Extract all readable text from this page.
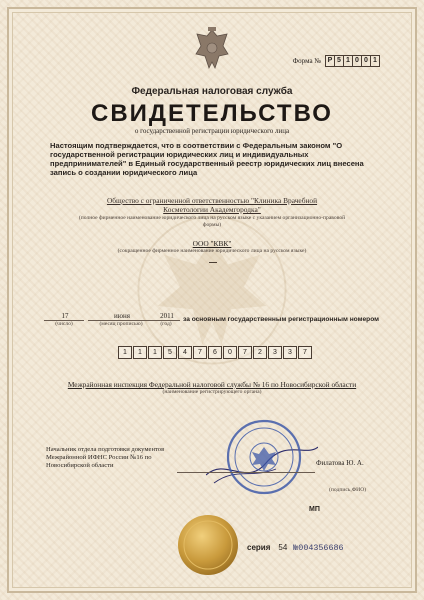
Форма № Р 5 1 0 0 1
Федеральная налоговая служба
СВИДЕТЕЛЬСТВО
о государственной регистрации юридического лица
Настоящим подтверждается, что в соответствии с Федеральным законом "О государственной регистрации юридических лиц и индивидуальных предпринимателей" в Единый государственный реестр юридических лиц внесена запись о создании юридического лица
Общество с ограниченной ответственностью "Клиника Врачебной Косметологии Академгородка"
(полное фирменное наименование юридического лица на русском языке с указанием организационно-правовой формы)
ООО "КВК"
(сокращенное фирменное наименование юридического лица на русском языке)
17
(число)
июня
(месяц прописью)
2011
(год)
за основным государственным регистрационным номером
1	1	1	5	4	7	6	0	7	2	3	3	7
Межрайонная инспекция Федеральной налоговой службы № 16 по Новосибирской области
(наименование регистрирующего органа)
Начальник отдела подготовки документов Межрайонной ИФНС России №16 по Новосибирской области	Филатова Ю. А.
(подпись,ФИО)
МП
серия 54 №004356686
